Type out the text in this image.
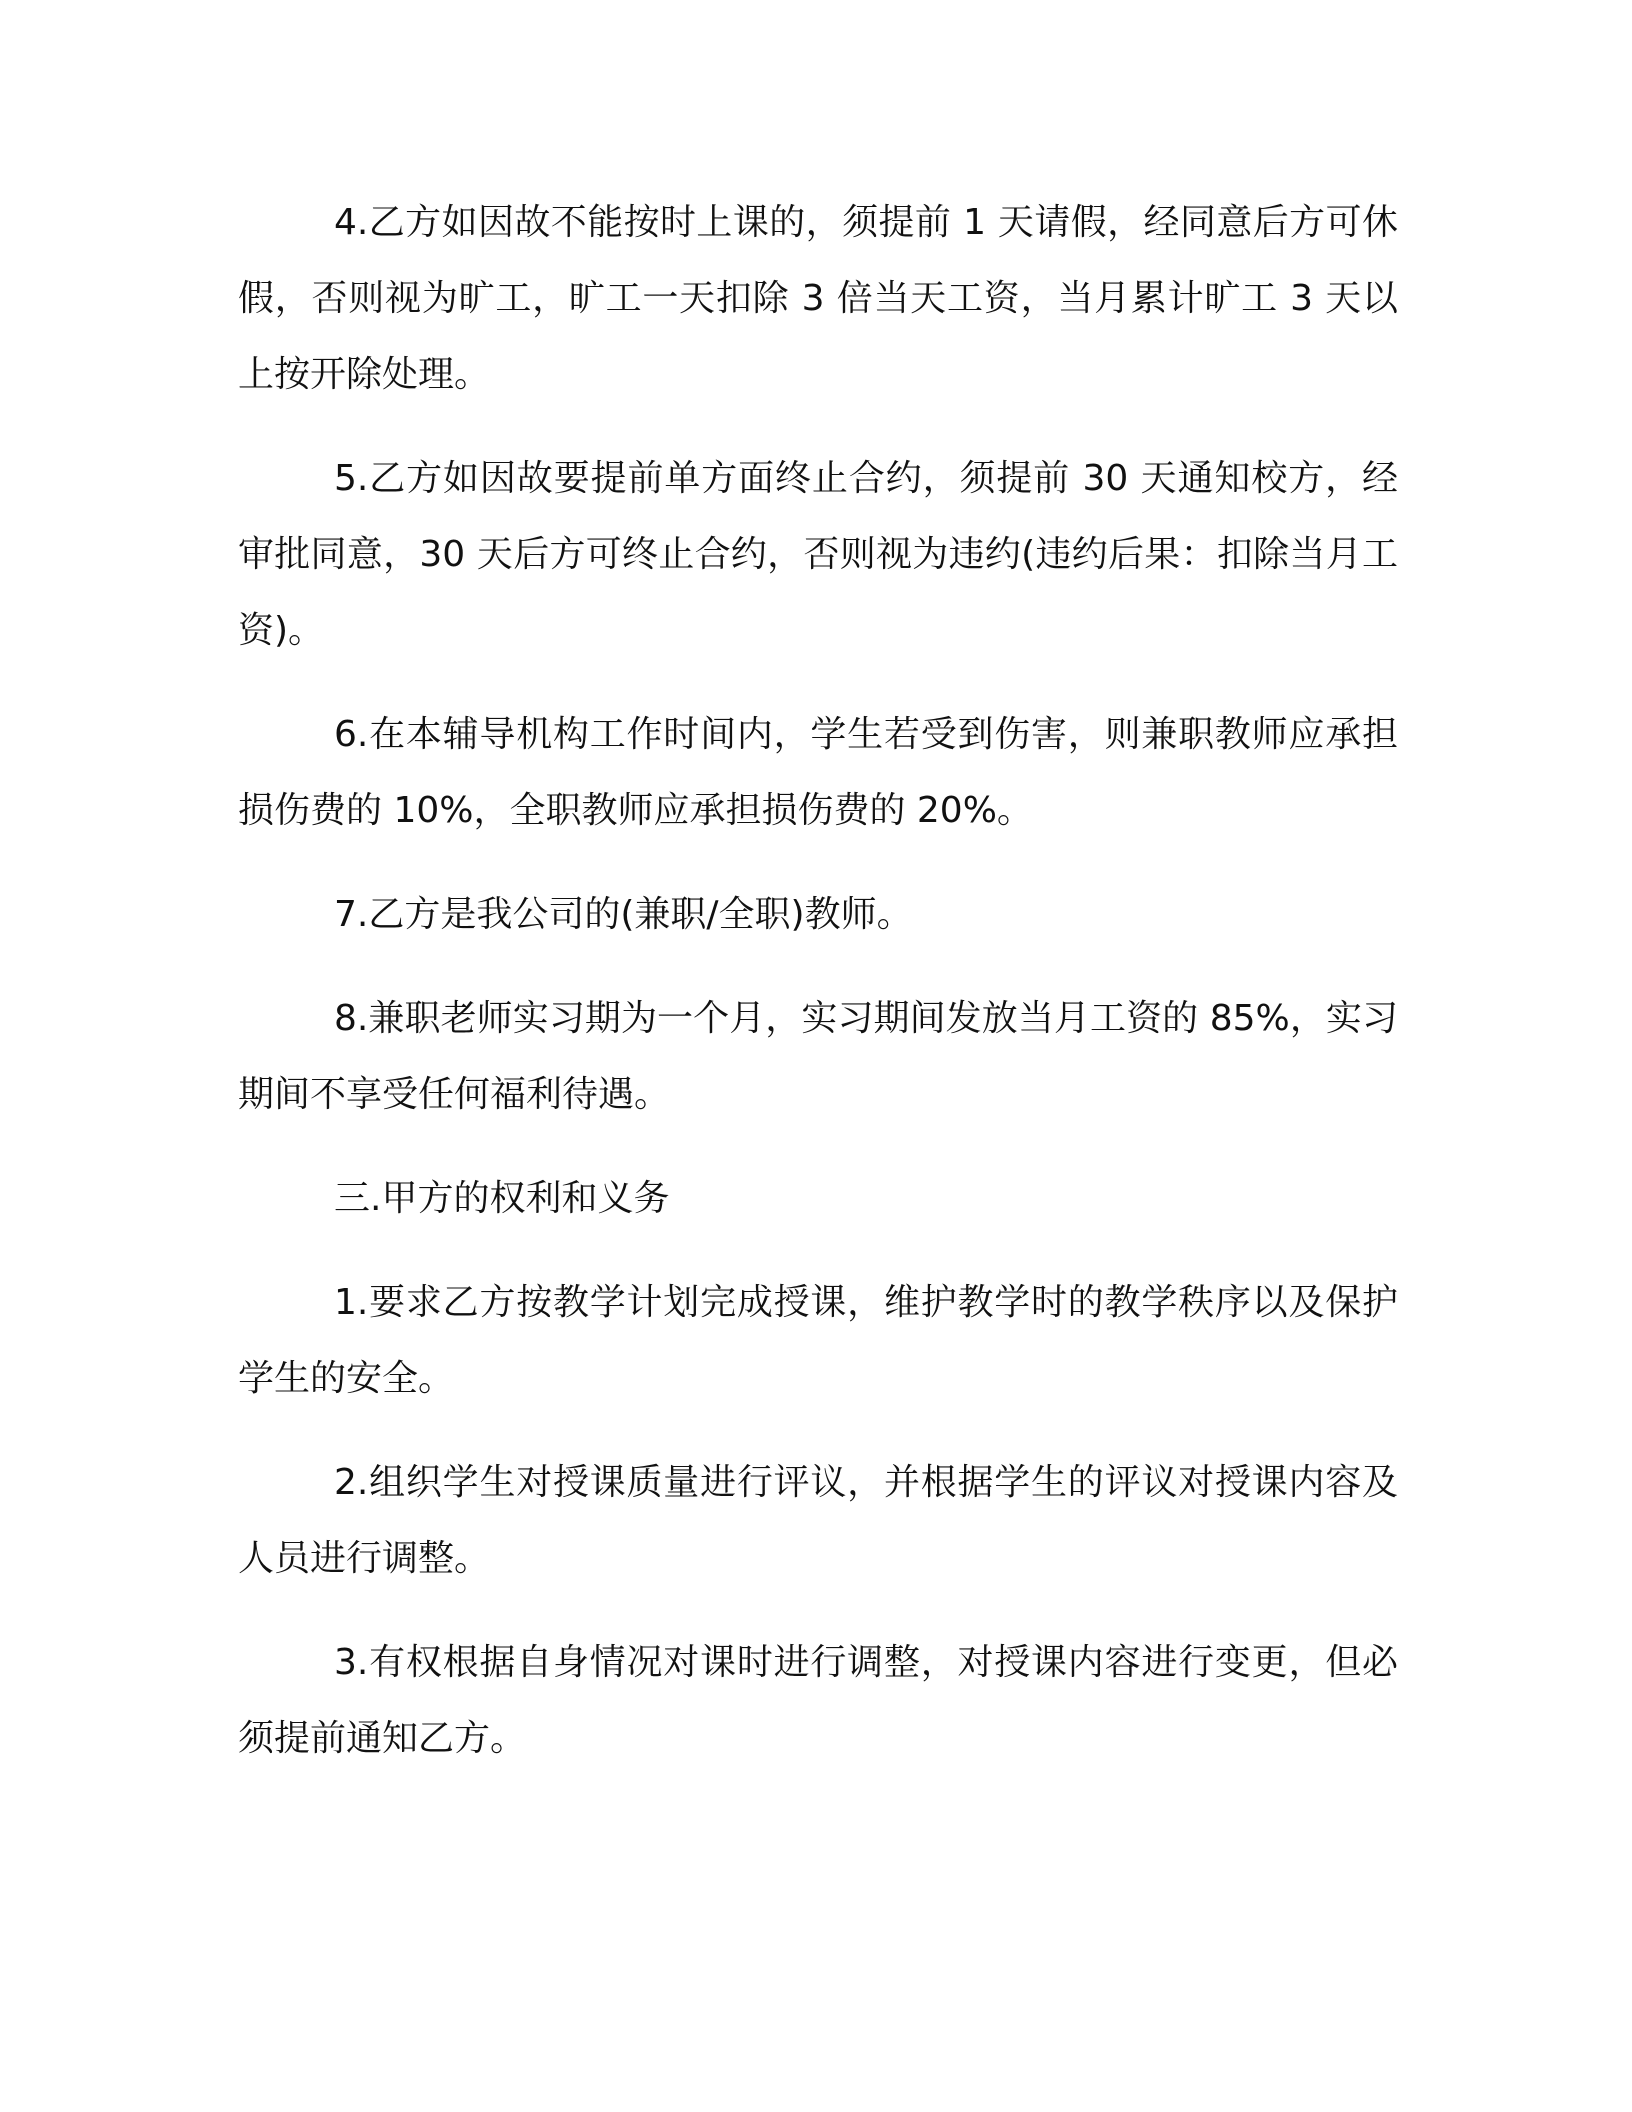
4.乙方如因故不能按时上课的，须提前 1 天请假，经同意后方可休假，否则视为旷工，旷工一天扣除 3 倍当天工资，当月累计旷工 3 天以上按开除处理。

5.乙方如因故要提前单方面终止合约，须提前 30 天通知校方，经审批同意，30 天后方可终止合约，否则视为违约(违约后果：扣除当月工资)。

6.在本辅导机构工作时间内，学生若受到伤害，则兼职教师应承担损伤费的 10%，全职教师应承担损伤费的 20%。

7.乙方是我公司的(兼职/全职)教师。

8.兼职老师实习期为一个月，实习期间发放当月工资的 85%，实习期间不享受任何福利待遇。

三.甲方的权利和义务

1.要求乙方按教学计划完成授课，维护教学时的教学秩序以及保护学生的安全。

2.组织学生对授课质量进行评议，并根据学生的评议对授课内容及人员进行调整。

3.有权根据自身情况对课时进行调整，对授课内容进行变更，但必须提前通知乙方。
